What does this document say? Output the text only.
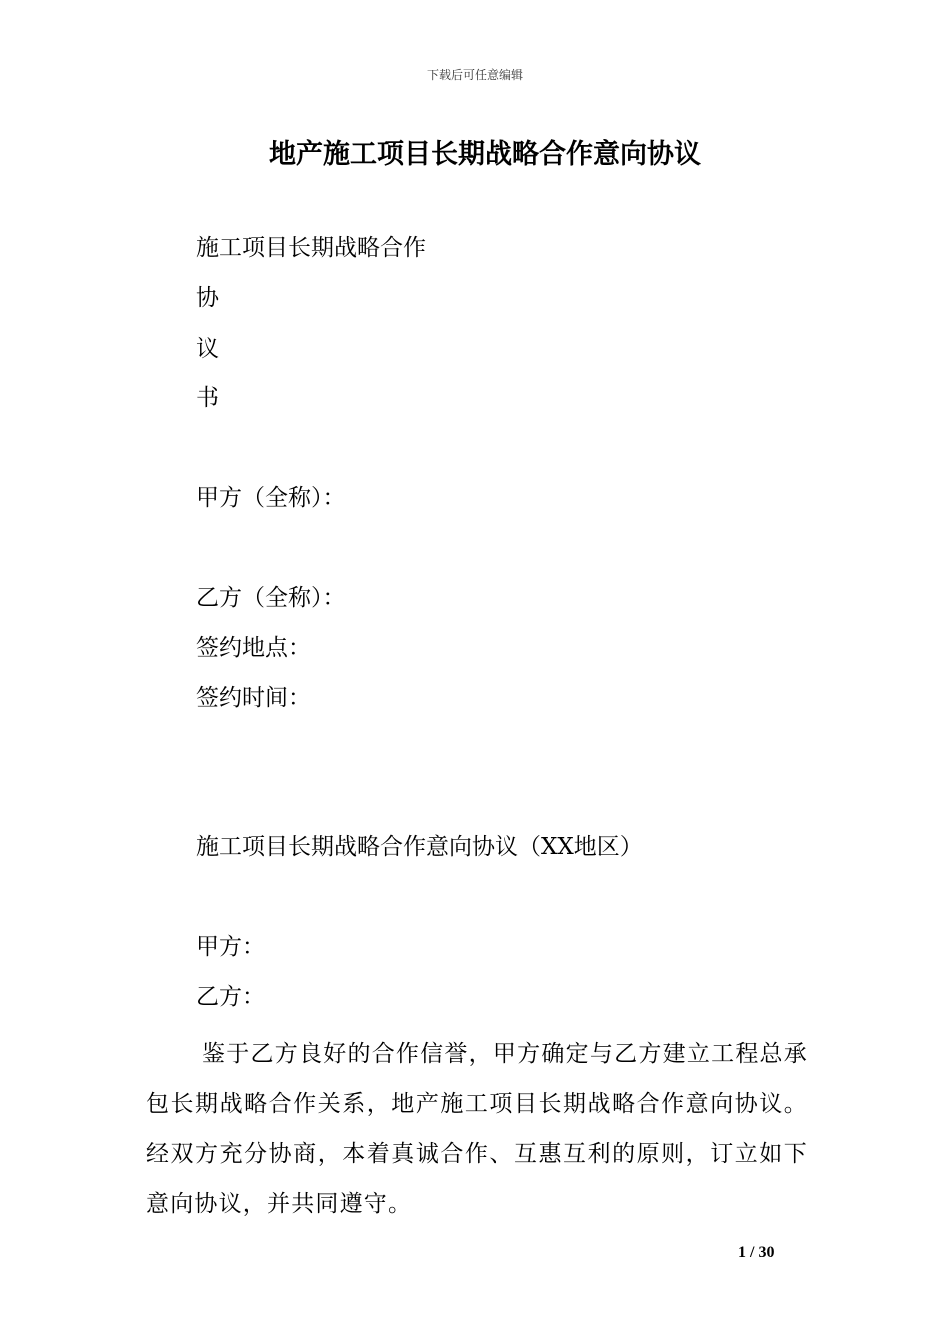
下载后可任意编辑
地产施工项目长期战略合作意向协议
施工项目长期战略合作
协
议
书
甲方（全称）：
乙方（全称）：
签约地点：
签约时间：
施工项目长期战略合作意向协议（XX地区）
甲方：
乙方：
鉴于乙方良好的合作信誉，甲方确定与乙方建立工程总承包长期战略合作关系，地产施工项目长期战略合作意向协议。经双方充分协商，本着真诚合作、互惠互利的原则，订立如下意向协议，并共同遵守。
1 / 30
